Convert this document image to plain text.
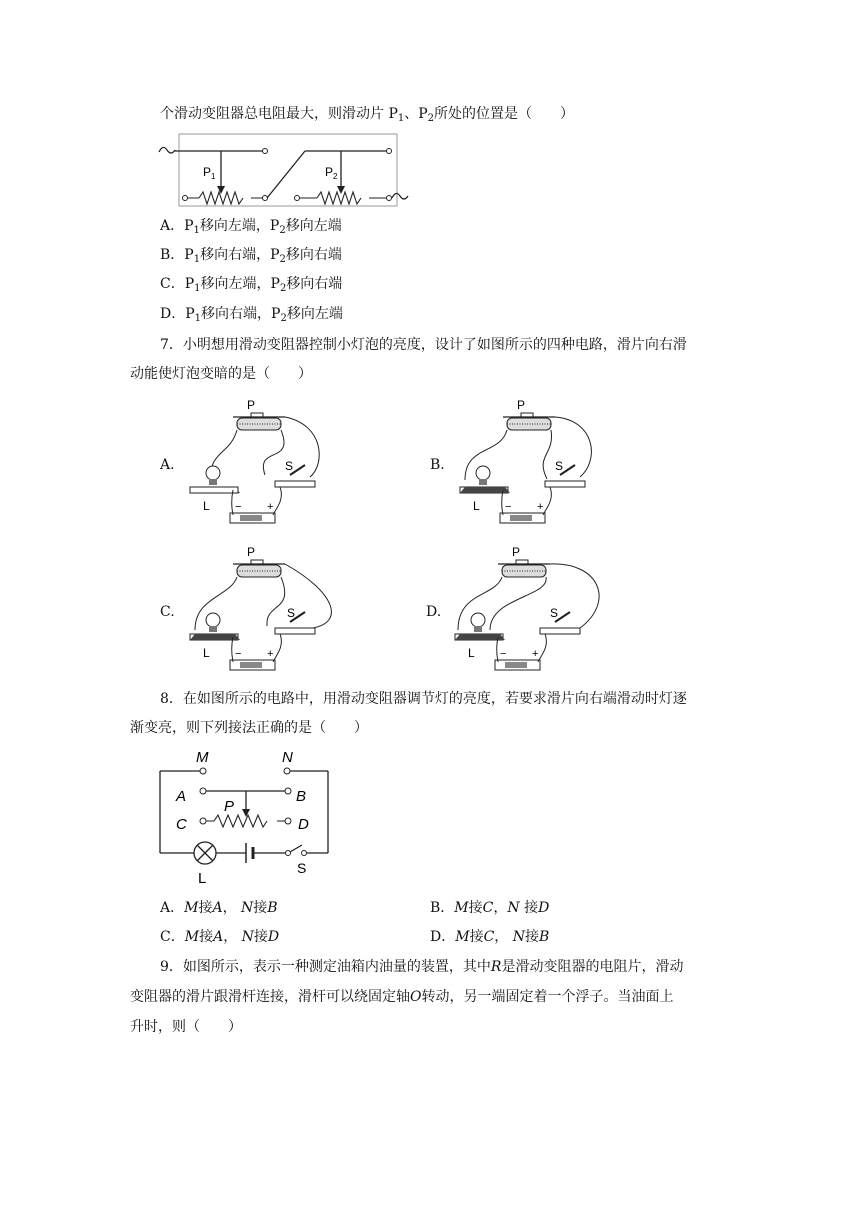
个滑动变阻器总电阻最大，则滑动片 $P_1$、$P_2$所处的位置是（　　）
$P_1$	$P_2$
A．$P_1$移向左端，$P_2$移向左端
B．$P_1$移向右端，$P_2$移向右端
C．$P_1$移向左端，$P_2$移向右端
D．$P_1$移向右端，$P_2$移向左端
7．小明想用滑动变阻器控制小灯泡的亮度，设计了如图所示的四种电路，滑片向右滑
动能使灯泡变暗的是（　　）
A.
P
L
S
− +
B.
P
L
S
− +
C.
P
L
S
− +
D.
P
L
S
− +
8．在如图所示的电路中，用滑动变阻器调节灯的亮度，若要求滑片向右端滑动时灯逐
渐变亮，则下列接法正确的是（　　）
M	N
A	B
P
C	D
L
S
A．M接A， N接B	B．M接C，N 接D
C．M接A， N接D	D．M接C， N接B
9．如图所示，表示一种测定油箱内油量的装置，其中R是滑动变阻器的电阻片，滑动
变阻器的滑片跟滑杆连接，滑杆可以绕固定轴O转动，另一端固定着一个浮子。当油面上
升时，则（　　）
